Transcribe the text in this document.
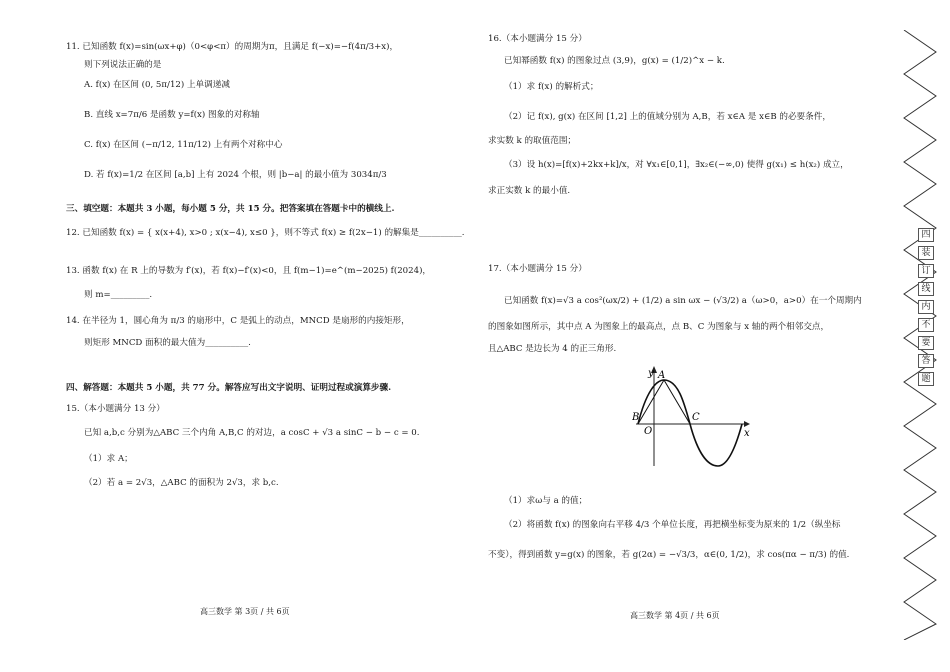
11. 已知函数 f(x)=sin(ωx+φ)（0<φ<π）的周期为π，且满足 f(−x)=−f(4π/3+x)，
则下列说法正确的是
A. f(x) 在区间 (0, 5π/12) 上单调递减
B. 直线 x=7π/6 是函数 y=f(x) 图象的对称轴
C. f(x) 在区间 (−π/12, 11π/12) 上有两个对称中心
D. 若 f(x)=1/2 在区间 [a,b] 上有 2024 个根，则 |b−a| 的最小值为 3034π/3
三、填空题：本题共 3 小题，每小题 5 分，共 15 分。把答案填在答题卡中的横线上.
12. 已知函数 f(x) = { x(x+4), x>0 ; x(x−4), x≤0 }，则不等式 f(x) ≥ f(2x−1) 的解集是__________.
13. 函数 f(x) 在 R 上的导数为 f′(x)，若 f(x)−f′(x)<0，且 f(m−1)=e^(m−2025) f(2024)，
则 m=_________.
14. 在半径为 1，圆心角为 π/3 的扇形中，C 是弧上的动点，MNCD 是扇形的内接矩形，
则矩形 MNCD 面积的最大值为__________.
四、解答题：本题共 5 小题，共 77 分。解答应写出文字说明、证明过程或演算步骤.
15.（本小题满分 13 分）
已知 a,b,c 分别为△ABC 三个内角 A,B,C 的对边，a cosC + √3 a sinC − b − c = 0.
（1）求 A；
（2）若 a = 2√3，△ABC 的面积为 2√3，求 b,c.
高三数学 第 3页 / 共 6页
16.（本小题满分 15 分）
已知幂函数 f(x) 的图象过点 (3,9)，g(x) = (1/2)^x − k.
（1）求 f(x) 的解析式；
（2）记 f(x), g(x) 在区间 [1,2] 上的值域分别为 A,B，若 x∈A 是 x∈B 的必要条件，
求实数 k 的取值范围；
（3）设 h(x)=[f(x)+2kx+k]/x，对 ∀x₁∈[0,1]，∃x₂∈(−∞,0) 使得 g(x₁) ≤ h(x₂) 成立，
求正实数 k 的最小值.
17.（本小题满分 15 分）
已知函数 f(x)=√3 a cos²(ωx/2) + (1/2) a sin ωx − (√3/2) a（ω>0，a>0）在一个周期内
的图象如图所示，其中点 A 为图象上的最高点，点 B、C 为图象与 x 轴的两个相邻交点，
且△ABC 是边长为 4 的正三角形.
（1）求ω与 a 的值；
（2）将函数 f(x) 的图象向右平移 4/3 个单位长度，再把横坐标变为原来的 1/2（纵坐标
不变），得到函数 y=g(x) 的图象，若 g(2α) = −√3/3，α∈(0, 1/2)，求 cos(πα − π/3) 的值.
高三数学 第 4页 / 共 6页
y A
B	C
O	x
四
装
订
线
内
不
要
答
题
